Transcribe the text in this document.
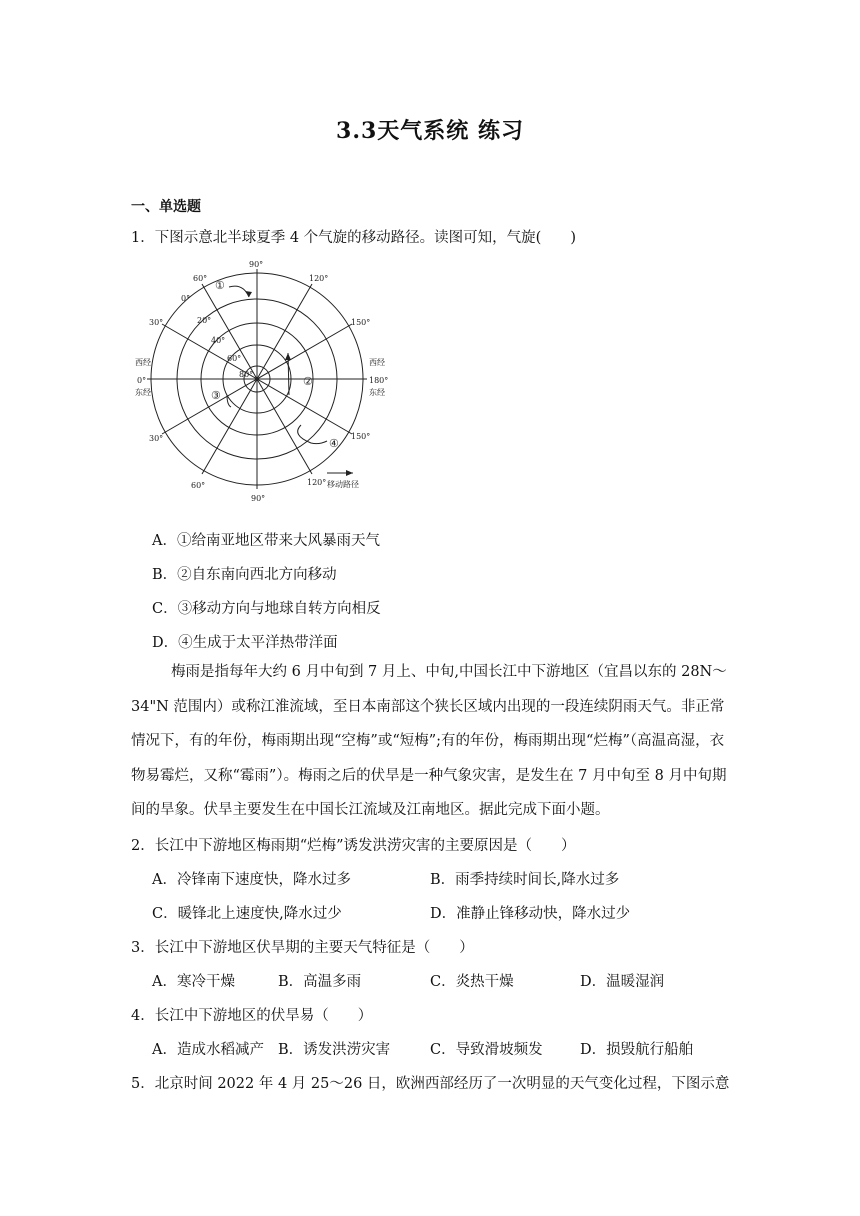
3.3天气系统 练习
一、单选题
1．下图示意北半球夏季 4 个气旋的移动路径。读图可知，气旋(　　)
90°
120°
150°
180°
150°
120°
90°
60°
30°
0°
30°
60°
0°
20°
40°
60°
80°
西经
东经
西经
东经
移动路径
①
②
③
④
A．①给南亚地区带来大风暴雨天气
B．②自东南向西北方向移动
C．③移动方向与地球自转方向相反
D．④生成于太平洋热带洋面
梅雨是指每年大约 6 月中旬到 7 月上、中旬,中国长江中下游地区（宜昌以东的 28N～34"N 范围内）或称江淮流域，至日本南部这个狭长区域内出现的一段连续阴雨天气。非正常情况下，有的年份，梅雨期出现“空梅”或“短梅”;有的年份，梅雨期出现“烂梅”（高温高湿，衣物易霉烂，又称“霉雨”）。梅雨之后的伏旱是一种气象灾害，是发生在 7 月中旬至 8 月中旬期间的旱象。伏旱主要发生在中国长江流域及江南地区。据此完成下面小题。
2．长江中下游地区梅雨期“烂梅”诱发洪涝灾害的主要原因是（　　）
A．冷锋南下速度快，降水过多	B．雨季持续时间长,降水过多
C．暖锋北上速度快,降水过少	D．准静止锋移动快，降水过少
3．长江中下游地区伏旱期的主要天气特征是（　　）
A．寒冷干燥	B．高温多雨	C．炎热干燥	D．温暖湿润
4．长江中下游地区的伏旱易（　　）
A．造成水稻减产 B．诱发洪涝灾害	C．导致滑坡频发	D．损毁航行船舶
5．北京时间 2022 年 4 月 25～26 日，欧洲西部经历了一次明显的天气变化过程，下图示意
